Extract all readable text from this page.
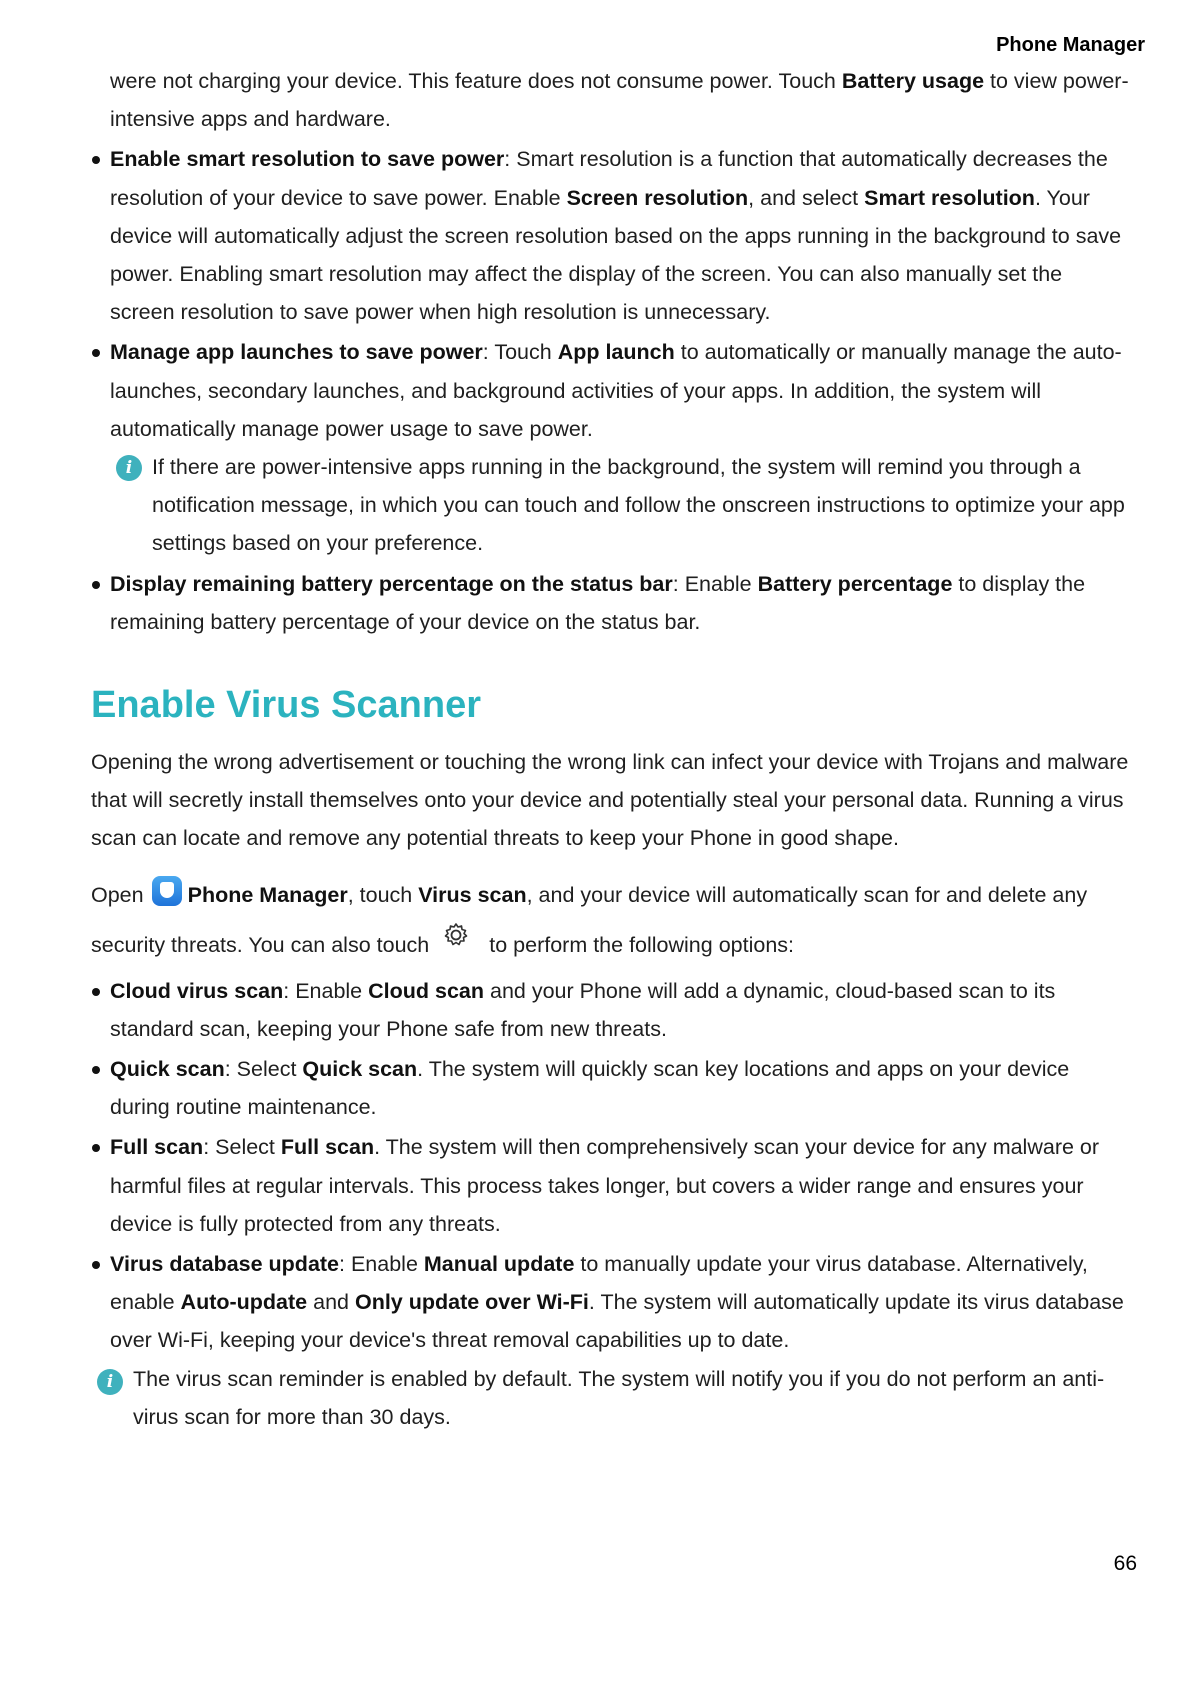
Phone Manager

were not charging your device. This feature does not consume power. Touch Battery usage to view power-intensive apps and hardware.

Enable smart resolution to save power: Smart resolution is a function that automatically decreases the resolution of your device to save power. Enable Screen resolution, and select Smart resolution. Your device will automatically adjust the screen resolution based on the apps running in the background to save power. Enabling smart resolution may affect the display of the screen. You can also manually set the screen resolution to save power when high resolution is unnecessary.

Manage app launches to save power: Touch App launch to automatically or manually manage the auto-launches, secondary launches, and background activities of your apps. In addition, the system will automatically manage power usage to save power.

i If there are power-intensive apps running in the background, the system will remind you through a notification message, in which you can touch and follow the onscreen instructions to optimize your app settings based on your preference.

Display remaining battery percentage on the status bar: Enable Battery percentage to display the remaining battery percentage of your device on the status bar.

Enable Virus Scanner

Opening the wrong advertisement or touching the wrong link can infect your device with Trojans and malware that will secretly install themselves onto your device and potentially steal your personal data. Running a virus scan can locate and remove any potential threats to keep your Phone in good shape.

Open Phone Manager, touch Virus scan, and your device will automatically scan for and delete any security threats. You can also touch	to perform the following options:

Cloud virus scan: Enable Cloud scan and your Phone will add a dynamic, cloud-based scan to its standard scan, keeping your Phone safe from new threats.

Quick scan: Select Quick scan. The system will quickly scan key locations and apps on your device during routine maintenance.

Full scan: Select Full scan. The system will then comprehensively scan your device for any malware or harmful files at regular intervals. This process takes longer, but covers a wider range and ensures your device is fully protected from any threats.

Virus database update: Enable Manual update to manually update your virus database. Alternatively, enable Auto-update and Only update over Wi-Fi. The system will automatically update its virus database over Wi-Fi, keeping your device's threat removal capabilities up to date.

i The virus scan reminder is enabled by default. The system will notify you if you do not perform an anti-virus scan for more than 30 days.

66
